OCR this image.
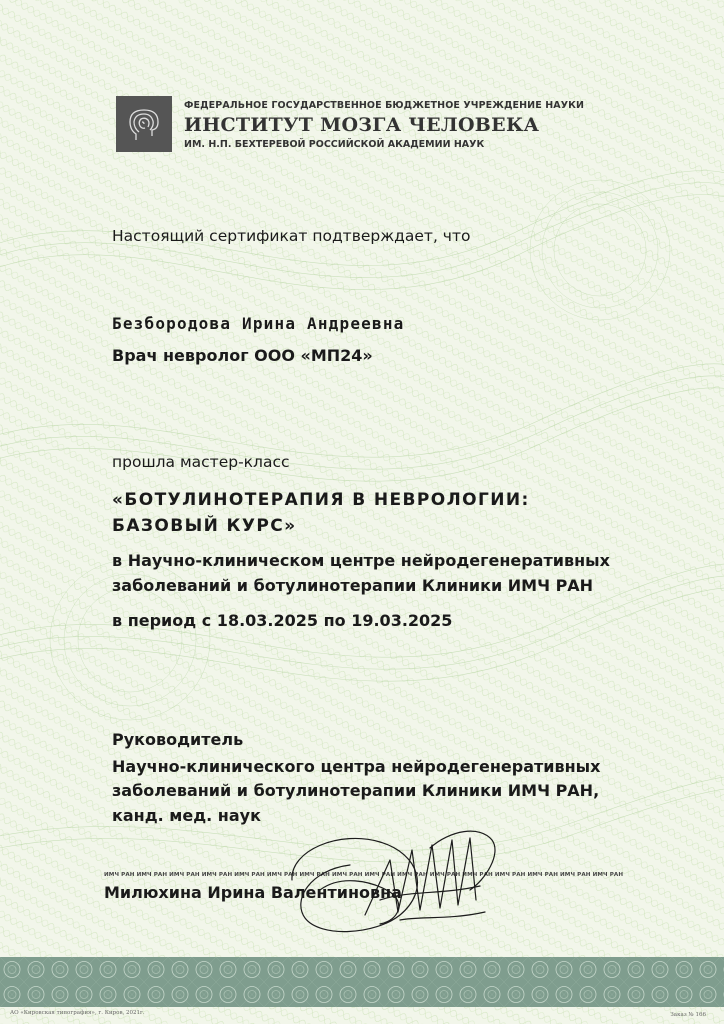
ФЕДЕРАЛЬНОЕ ГОСУДАРСТВЕННОЕ БЮДЖЕТНОЕ УЧРЕЖДЕНИЕ НАУКИ
ИНСТИТУТ МОЗГА ЧЕЛОВЕКА
ИМ. Н.П. БЕХТЕРЕВОЙ РОССИЙСКОЙ АКАДЕМИИ НАУК
Настоящий сертификат подтверждает, что
Безбородова Ирина Андреевна
Врач невролог ООО «МП24»
прошла мастер-класс
«БОТУЛИНОТЕРАПИЯ В НЕВРОЛОГИИ:
БАЗОВЫЙ КУРС»
в Научно-клиническом центре нейродегенеративных
заболеваний и ботулинотерапии Клиники ИМЧ РАН
в период с 18.03.2025 по 19.03.2025
Руководитель
Научно-клинического центра нейродегенеративных
заболеваний и ботулинотерапии Клиники ИМЧ РАН,
канд. мед. наук
ИМЧ РАН ИМЧ РАН ИМЧ РАН ИМЧ РАН ИМЧ РАН ИМЧ РАН ИМЧ РАН ИМЧ РАН ИМЧ РАН ИМЧ РАН ИМЧ РАН ИМЧ РАН ИМЧ РАН ИМЧ РАН ИМЧ РАН ИМЧ РАН
Милюхина Ирина Валентиновна
АО «Кировская типография», г. Киров, 2021г.	Заказ № 166
